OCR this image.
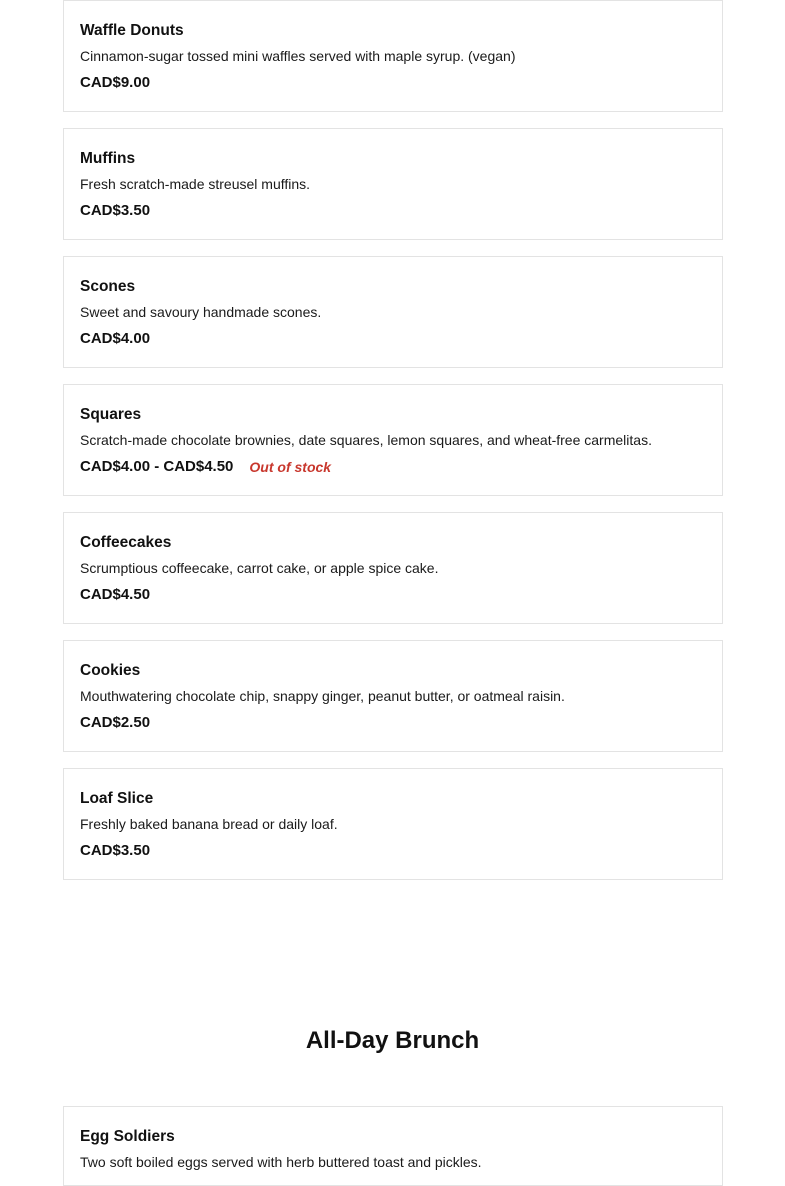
Waffle Donuts
Cinnamon-sugar tossed mini waffles served with maple syrup. (vegan)
CAD$9.00
Muffins
Fresh scratch-made streusel muffins.
CAD$3.50
Scones
Sweet and savoury handmade scones.
CAD$4.00
Squares
Scratch-made chocolate brownies, date squares, lemon squares, and wheat-free carmelitas.
CAD$4.00 - CAD$4.50 Out of stock
Coffeecakes
Scrumptious coffeecake, carrot cake, or apple spice cake.
CAD$4.50
Cookies
Mouthwatering chocolate chip, snappy ginger, peanut butter, or oatmeal raisin.
CAD$2.50
Loaf Slice
Freshly baked banana bread or daily loaf.
CAD$3.50
All-Day Brunch
Egg Soldiers
Two soft boiled eggs served with herb buttered toast and pickles.
